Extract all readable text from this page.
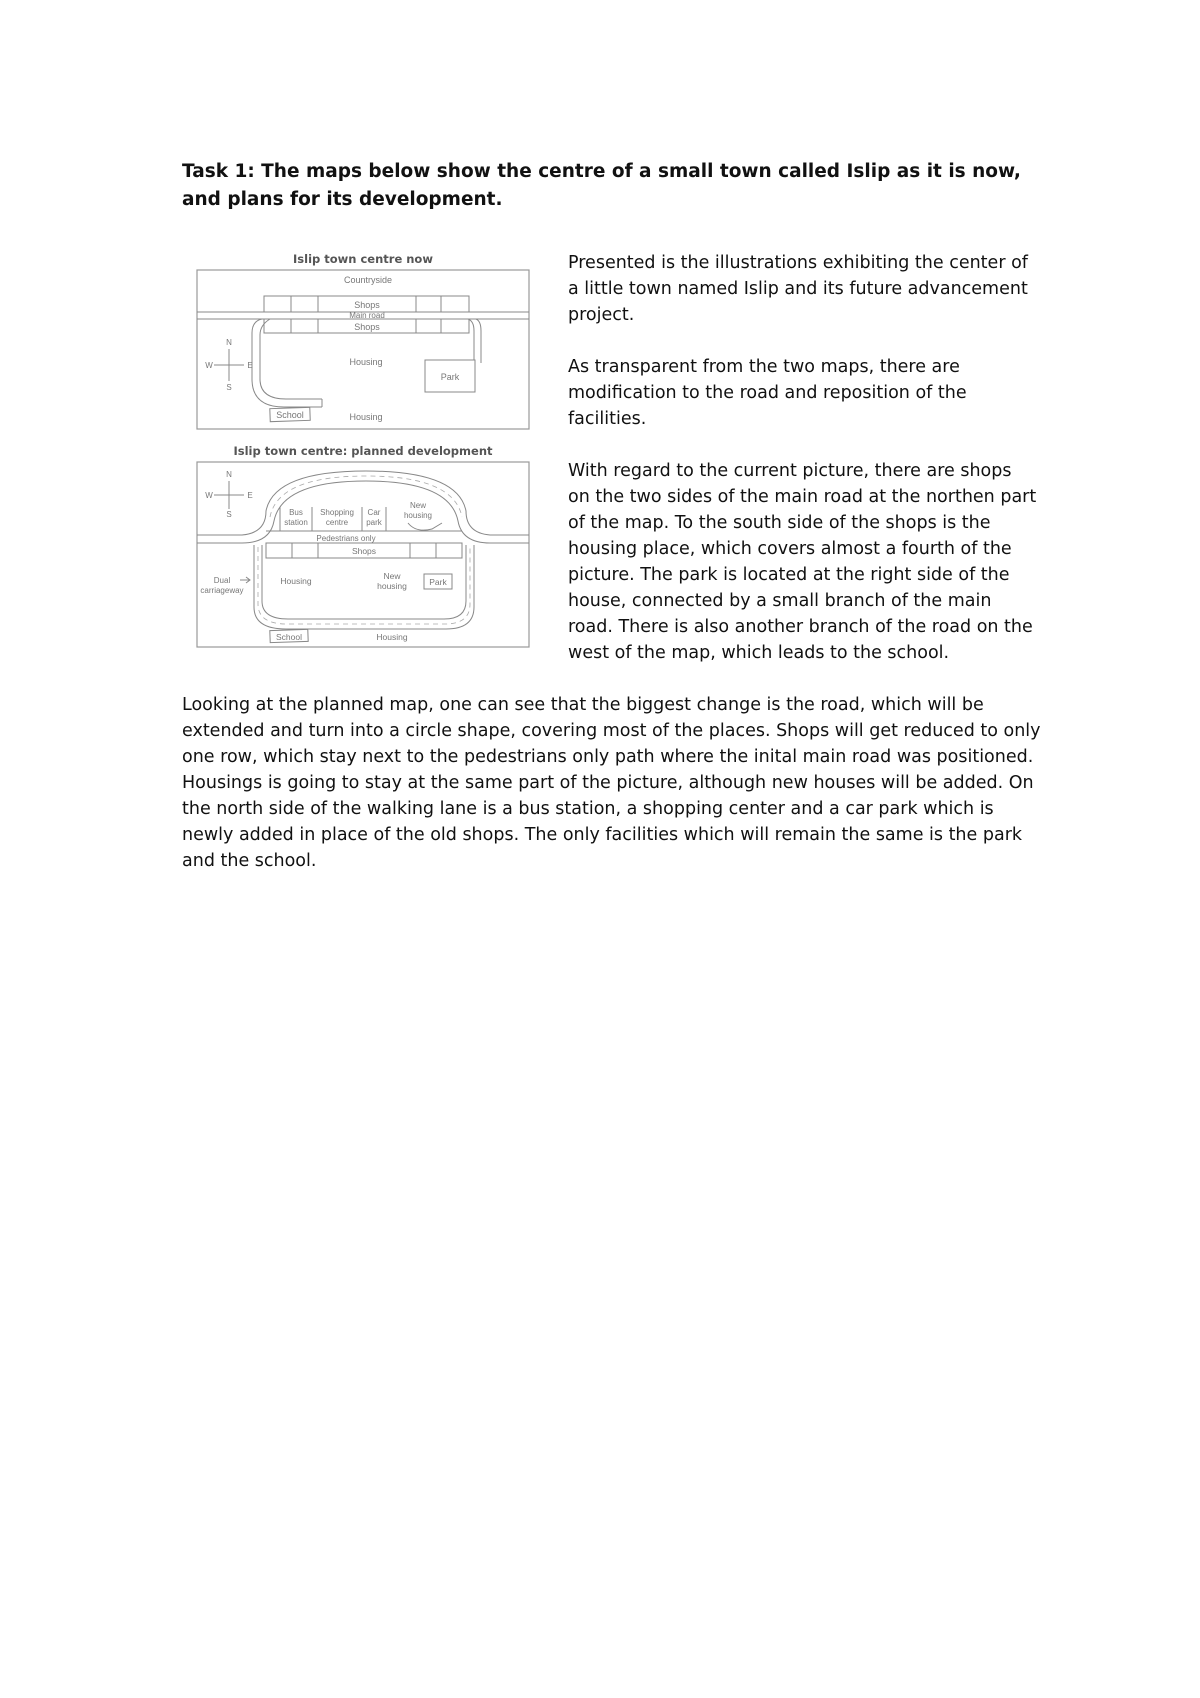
Task 1: The maps below show the centre of a small town called Islip as it is now, and plans for its development.
Islip town centre now
Countryside
Shops
Main road
Shops
Housing
Park
School	Housing
N
S
W	E
Islip town centre: planned development
Bus
station
Shopping
centre
Car
park
New
housing
Pedestrians only
Shops
Housing	New
housing	Park
Dual
carriageway
School	Housing
N
S
W	E

Presented is the illustrations exhibiting the center of a little town named Islip and its future advancement project.

As transparent from the two maps, there are modification to the road and reposition of the facilities.

With regard to the current picture, there are shops on the two sides of the main road at the northen part of the map. To the south side of the shops is the housing place, which covers almost a fourth of the picture. The park is located at the right side of the house, connected by a small branch of the main road. There is also another branch of the road on the west of the map, which leads to the school.

Looking at the planned map, one can see that the biggest change is the road, which will be extended and turn into a circle shape, covering most of the places. Shops will get reduced to only one row, which stay next to the pedestrians only path where the inital main road was positioned. Housings is going to stay at the same part of the picture, although new houses will be added. On the north side of the walking lane is a bus station, a shopping center and a car park which is newly added in place of the old shops. The only facilities which will remain the same is the park and the school.
